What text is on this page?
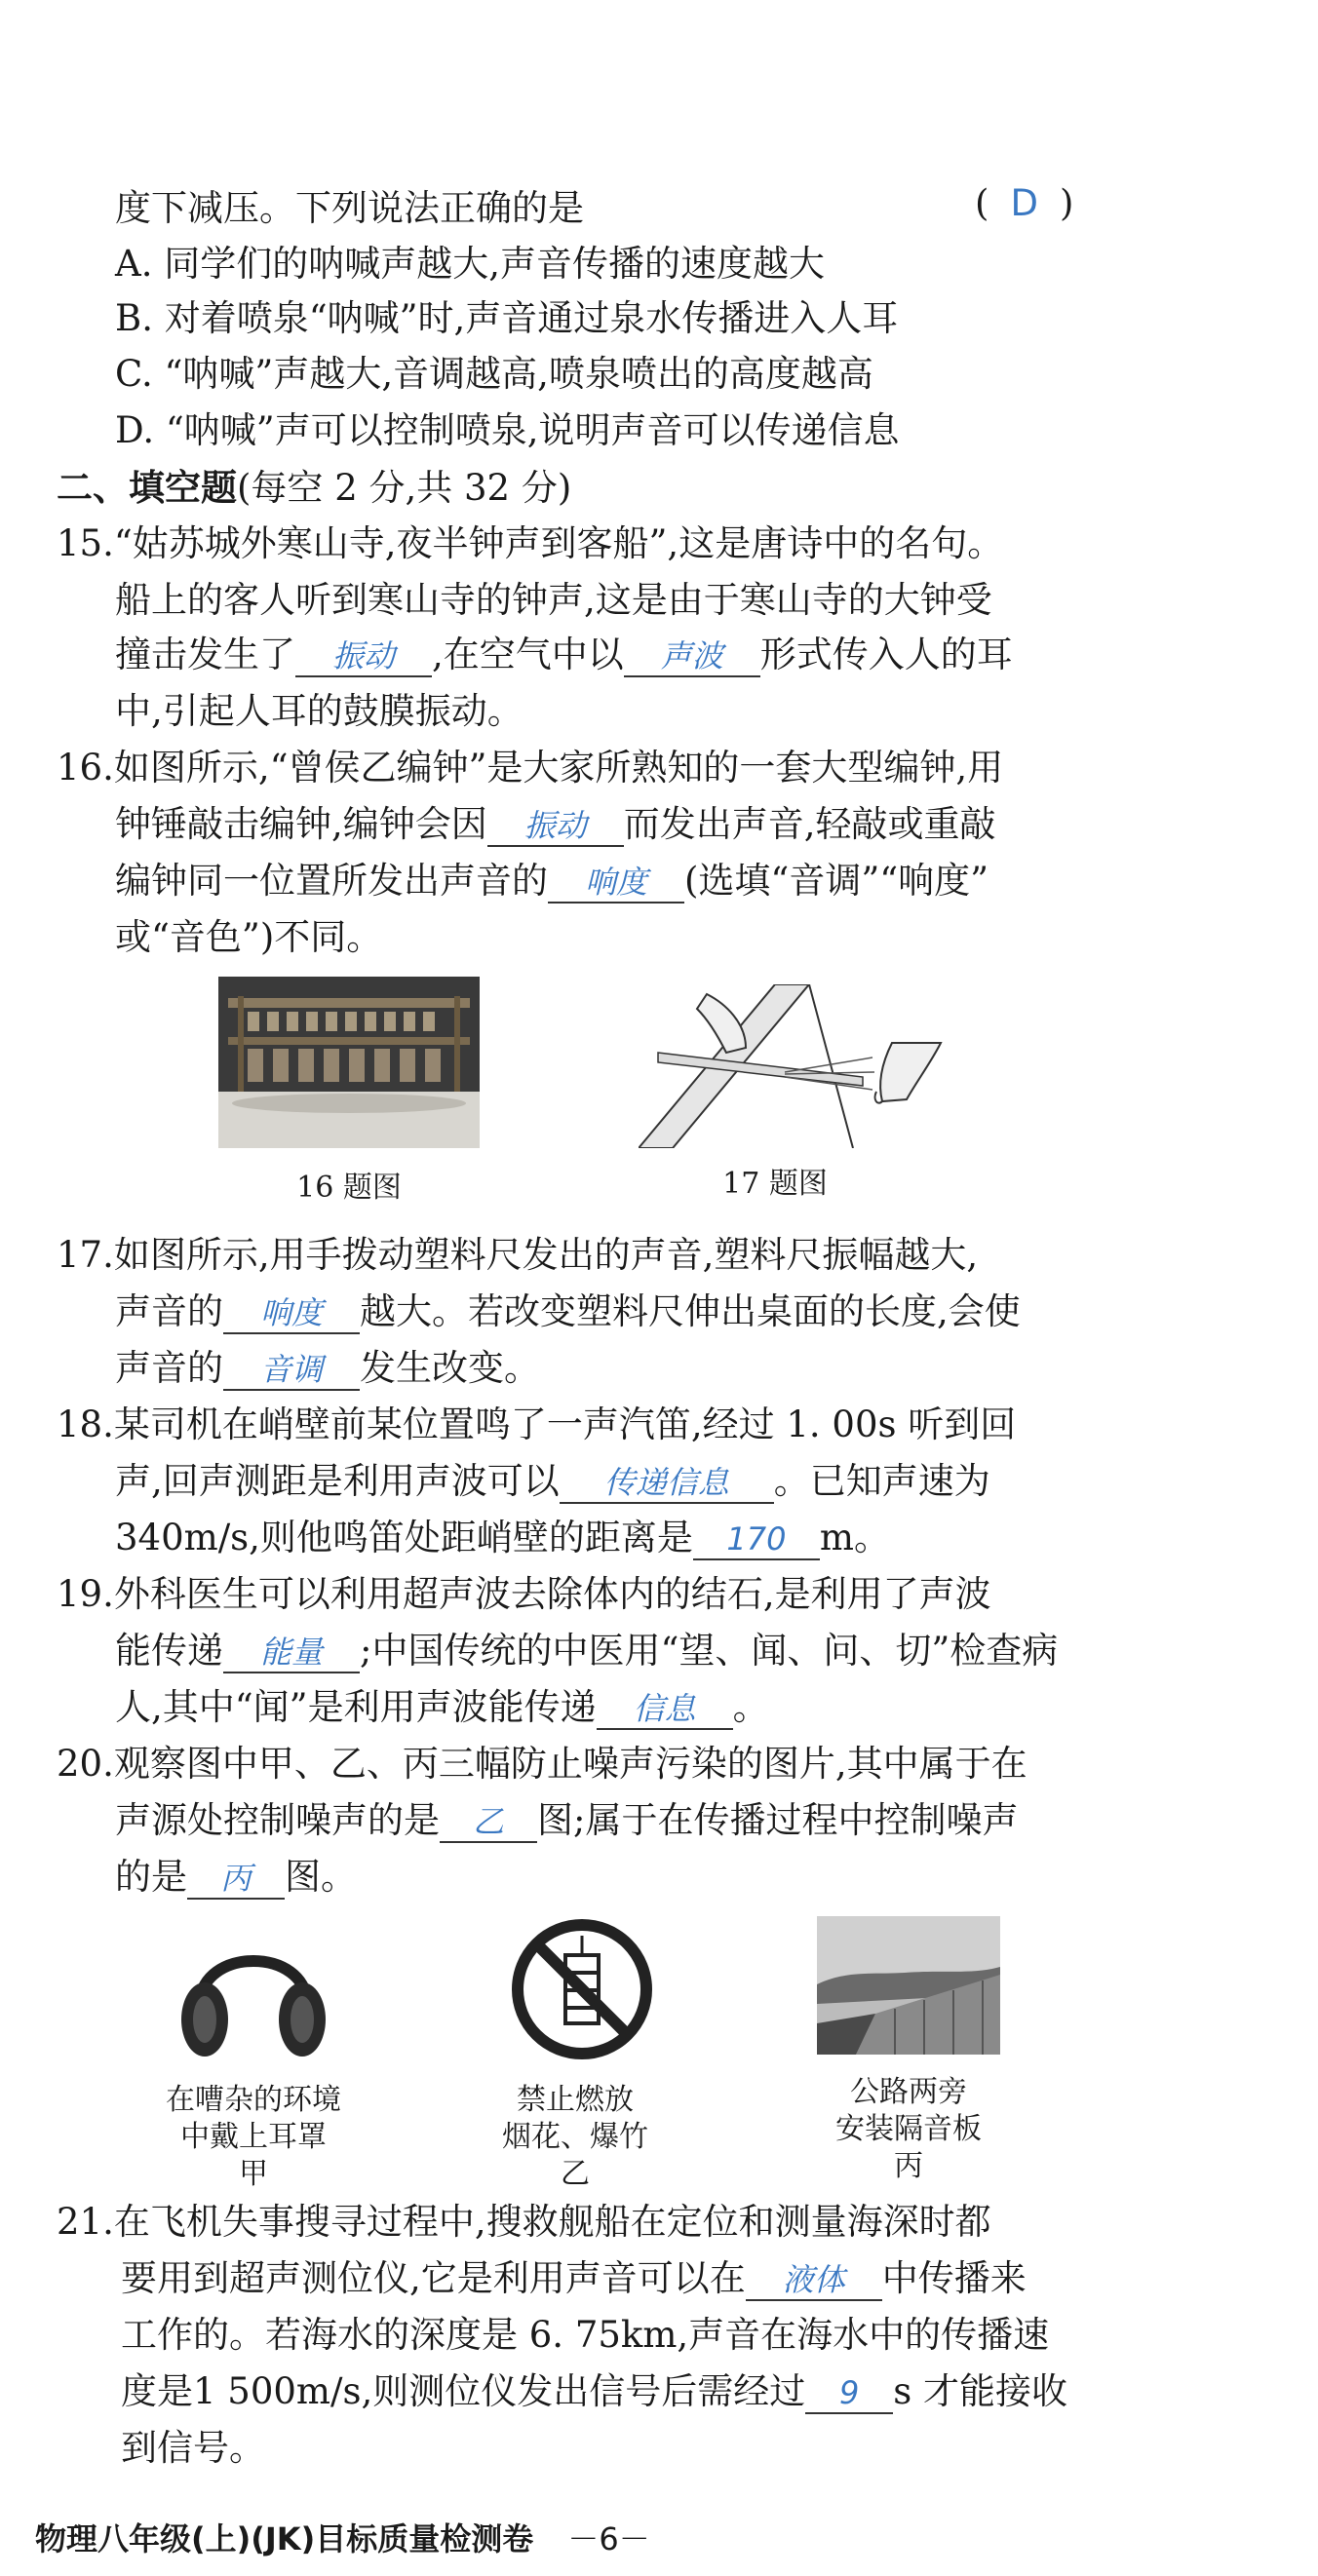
度下减压。下列说法正确的是	( D )
A. 同学们的呐喊声越大,声音传播的速度越大
B. 对着喷泉“呐喊”时,声音通过泉水传播进入人耳
C. “呐喊”声越大,音调越高,喷泉喷出的高度越高
D. “呐喊”声可以控制喷泉,说明声音可以传递信息
二、填空题(每空 2 分,共 32 分)
15.“姑苏城外寒山寺,夜半钟声到客船”,这是唐诗中的名句。
船上的客人听到寒山寺的钟声,这是由于寒山寺的大钟受
撞击发生了 振动 ,在空气中以 声波 形式传入人的耳
中,引起人耳的鼓膜振动。
16.如图所示,“曾侯乙编钟”是大家所熟知的一套大型编钟,用
钟锤敲击编钟,编钟会因 振动 而发出声音,轻敲或重敲
编钟同一位置所发出声音的 响度 (选填“音调”“响度”
或“音色”)不同。
16 题图	17 题图
17.如图所示,用手拨动塑料尺发出的声音,塑料尺振幅越大,
声音的 响度 越大。若改变塑料尺伸出桌面的长度,会使
声音的 音调 发生改变。
18.某司机在峭壁前某位置鸣了一声汽笛,经过 1. 00s 听到回
声,回声测距是利用声波可以 传递信息 。已知声速为
340m/s,则他鸣笛处距峭壁的距离是 170 m。
19.外科医生可以利用超声波去除体内的结石,是利用了声波
能传递 能量 ;中国传统的中医用“望、闻、问、切”检查病
人,其中“闻”是利用声波能传递 信息 。
20.观察图中甲、乙、丙三幅防止噪声污染的图片,其中属于在
声源处控制噪声的是 乙 图;属于在传播过程中控制噪声
的是 丙 图。
在嘈杂的环境
中戴上耳罩
甲
禁止燃放
烟花、爆竹
乙
公路两旁
安装隔音板
丙
21.在飞机失事搜寻过程中,搜救舰船在定位和测量海深时都
要用到超声测位仪,它是利用声音可以在 液体 中传播来
工作的。若海水的深度是 6. 75km,声音在海水中的传播速
度是1 500m/s,则测位仪发出信号后需经过 9 s 才能接收
到信号。
物理八年级(上)(JK)目标质量检测卷 －6－
